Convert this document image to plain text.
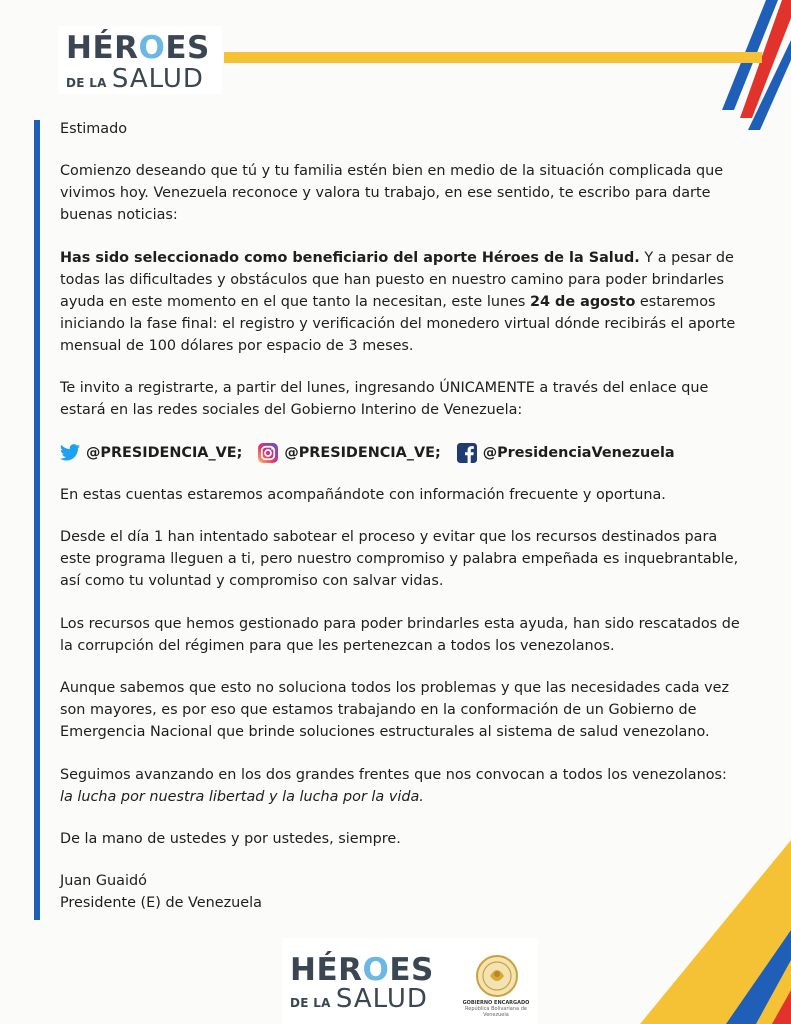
HÉROES
DE LA SALUD

Estimado

Comienzo deseando que tú y tu familia estén bien en medio de la situación complicada que vivimos hoy. Venezuela reconoce y valora tu trabajo, en ese sentido, te escribo para darte buenas noticias:

Has sido seleccionado como beneficiario del aporte Héroes de la Salud. Y a pesar de todas las dificultades y obstáculos que han puesto en nuestro camino para poder brindarles ayuda en este momento en el que tanto la necesitan, este lunes 24 de agosto estaremos iniciando la fase final: el registro y verificación del monedero virtual dónde recibirás el aporte mensual de 100 dólares por espacio de 3 meses.

Te invito a registrarte, a partir del lunes, ingresando ÚNICAMENTE a través del enlace que estará en las redes sociales del Gobierno Interino de Venezuela:

@PRESIDENCIA_VE;	@PRESIDENCIA_VE;	@PresidenciaVenezuela

En estas cuentas estaremos acompañándote con información frecuente y oportuna.

Desde el día 1 han intentado sabotear el proceso y evitar que los recursos destinados para este programa lleguen a ti, pero nuestro compromiso y palabra empeñada es inquebrantable, así como tu voluntad y compromiso con salvar vidas.

Los recursos que hemos gestionado para poder brindarles esta ayuda, han sido rescatados de la corrupción del régimen para que les pertenezcan a todos los venezolanos.

Aunque sabemos que esto no soluciona todos los problemas y que las necesidades cada vez son mayores, es por eso que estamos trabajando en la conformación de un Gobierno de Emergencia Nacional que brinde soluciones estructurales al sistema de salud venezolano.

Seguimos avanzando en los dos grandes frentes que nos convocan a todos los venezolanos:
la lucha por nuestra libertad y la lucha por la vida.

De la mano de ustedes y por ustedes, siempre.

Juan Guaidó
Presidente (E) de Venezuela

HÉROES
DE LA SALUD	GOBIERNO ENCARGADO
República Bolivariana de Venezuela
